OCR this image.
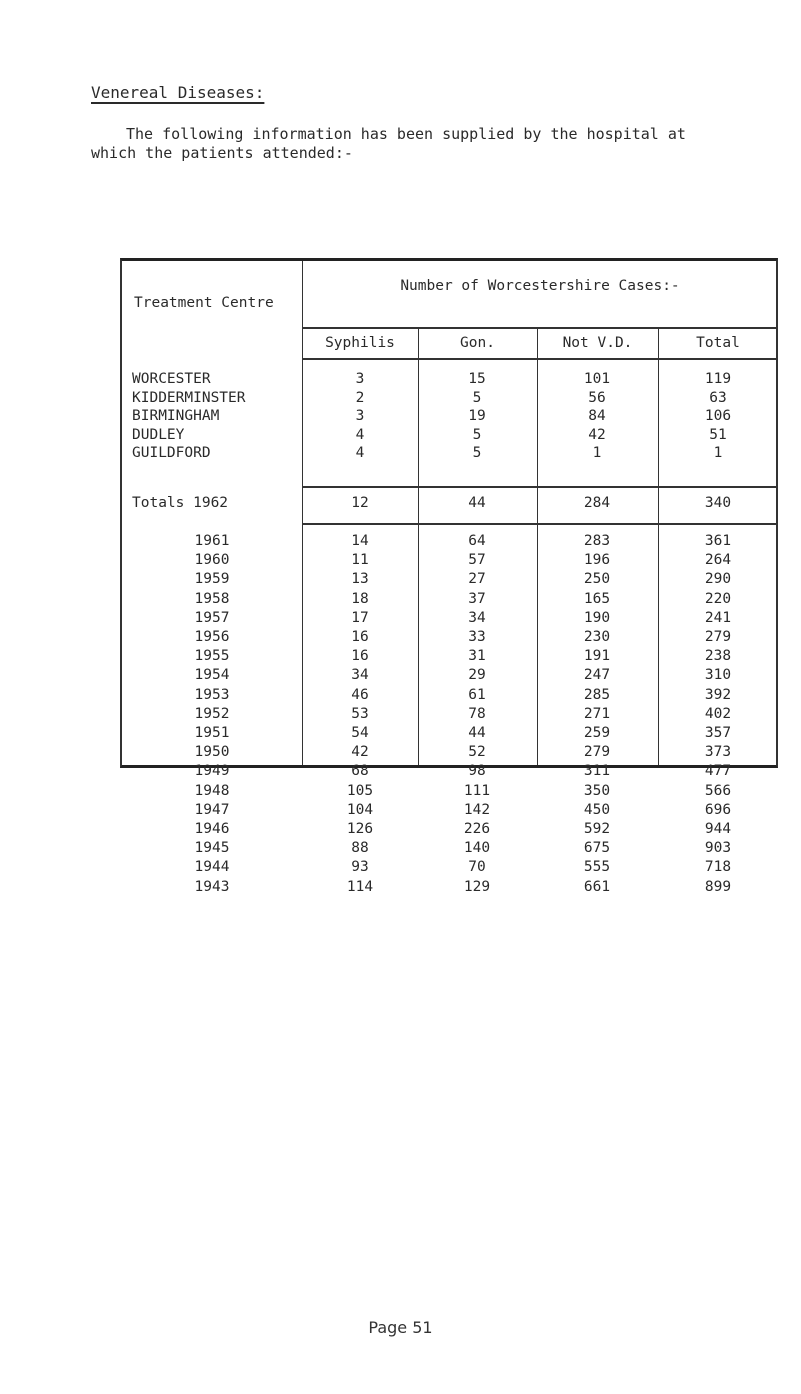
Venereal Diseases:
The following information has been supplied by the hospital at
which the patients attended:-
Treatment Centre
Number of Worcestershire Cases:-
Syphilis	Gon.	Not V.D.	Total
WORCESTER	3	15	101	119
KIDDERMINSTER	2	5	56	63
BIRMINGHAM	3	19	84	106
DUDLEY	4	5	42	51
GUILDFORD	4	5	1	1
Totals 1962	12	44	284	340
1961	14	64	283	361
1960	11	57	196	264
1959	13	27	250	290
1958	18	37	165	220
1957	17	34	190	241
1956	16	33	230	279
1955	16	31	191	238
1954	34	29	247	310
1953	46	61	285	392
1952	53	78	271	402
1951	54	44	259	357
1950	42	52	279	373
1949	68	98	311	477
1948	105	111	350	566
1947	104	142	450	696
1946	126	226	592	944
1945	88	140	675	903
1944	93	70	555	718
1943	114	129	661	899
Page 51
